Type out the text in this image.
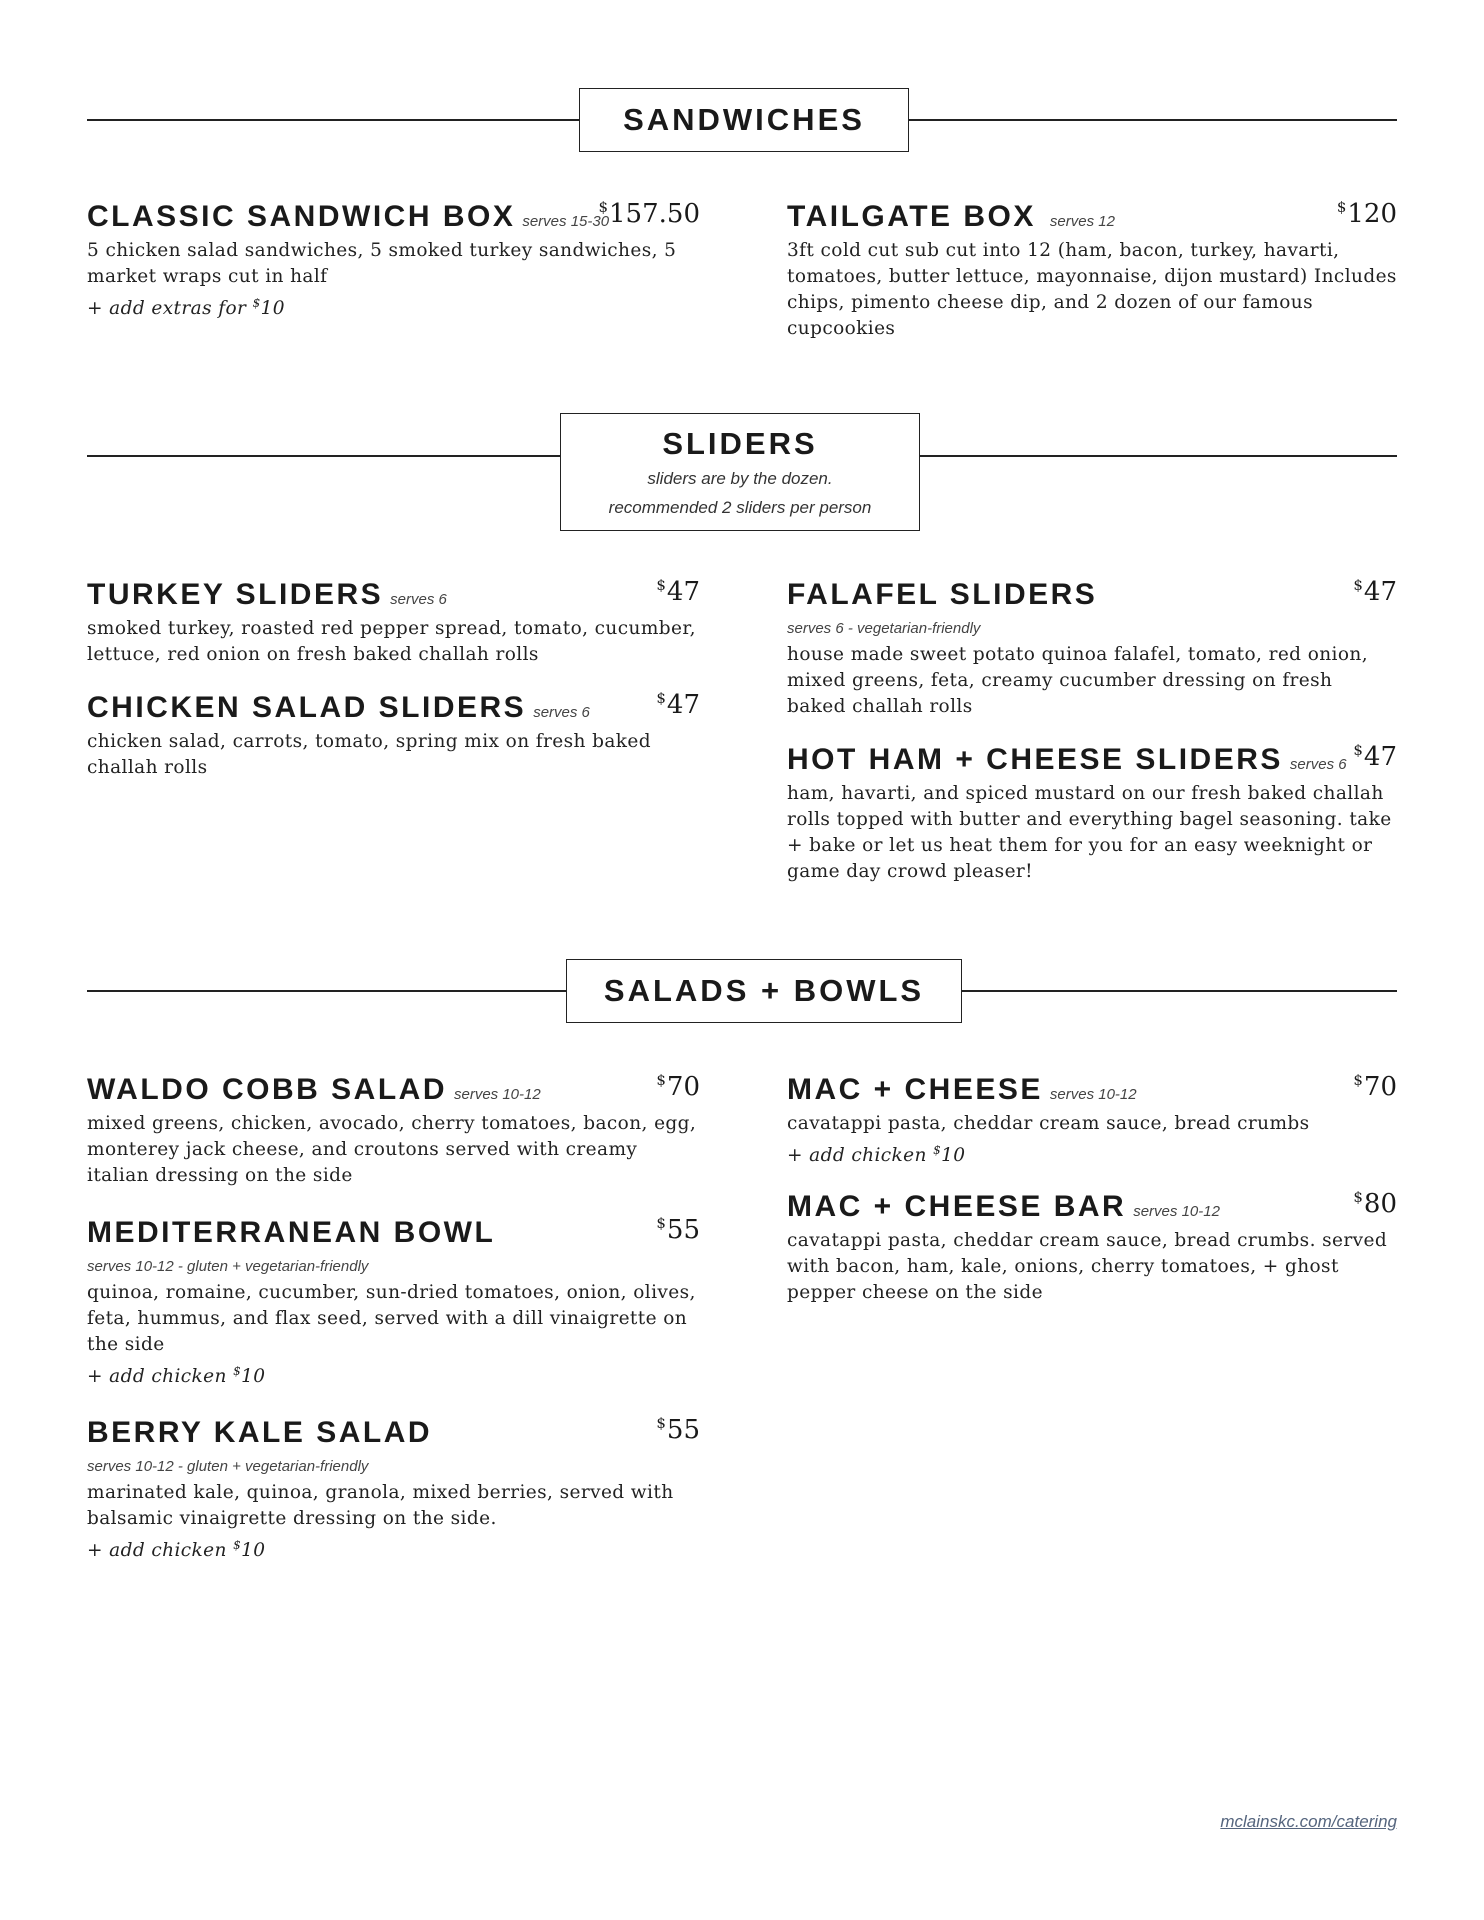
SANDWICHES
CLASSIC SANDWICH BOX serves 15-30
$157.50
5 chicken salad sandwiches, 5 smoked turkey sandwiches, 5 market wraps cut in half
+ add extras for $10
TAILGATE BOX serves 12
$120
3ft cold cut sub cut into 12 (ham, bacon, turkey, havarti, tomatoes, butter lettuce, mayonnaise, dijon mustard) Includes chips, pimento cheese dip, and 2 dozen of our famous cupcookies
SLIDERS
sliders are by the dozen.
recommended 2 sliders per person
TURKEY SLIDERS serves 6
$47
smoked turkey, roasted red pepper spread, tomato, cucumber, lettuce, red onion on fresh baked challah rolls
CHICKEN SALAD SLIDERS serves 6
$47
chicken salad, carrots, tomato, spring mix on fresh baked challah rolls
FALAFEL SLIDERS	$47
serves 6 - vegetarian-friendly
house made sweet potato quinoa falafel, tomato, red onion, mixed greens, feta, creamy cucumber dressing on fresh baked challah rolls
HOT HAM + CHEESE SLIDERS serves 6
$47
ham, havarti, and spiced mustard on our fresh baked challah rolls topped with butter and everything bagel seasoning. take + bake or let us heat them for you for an easy weeknight or game day crowd pleaser!
SALADS + BOWLS
WALDO COBB SALAD serves 10-12
$70
mixed greens, chicken, avocado, cherry tomatoes, bacon, egg, monterey jack cheese, and croutons served with creamy italian dressing on the side
MEDITERRANEAN BOWL	$55
serves 10-12 - gluten + vegetarian-friendly
quinoa, romaine, cucumber, sun-dried tomatoes, onion, olives, feta, hummus, and flax seed, served with a dill vinaigrette on the side
+ add chicken $10
BERRY KALE SALAD	$55
serves 10-12 - gluten + vegetarian-friendly
marinated kale, quinoa, granola, mixed berries, served with balsamic vinaigrette dressing on the side.
+ add chicken $10
MAC + CHEESE serves 10-12
$70
cavatappi pasta, cheddar cream sauce, bread crumbs
+ add chicken $10
MAC + CHEESE BAR serves 10-12
$80
cavatappi pasta, cheddar cream sauce, bread crumbs. served with bacon, ham, kale, onions, cherry tomatoes, + ghost pepper cheese on the side
mclainskc.com/catering
